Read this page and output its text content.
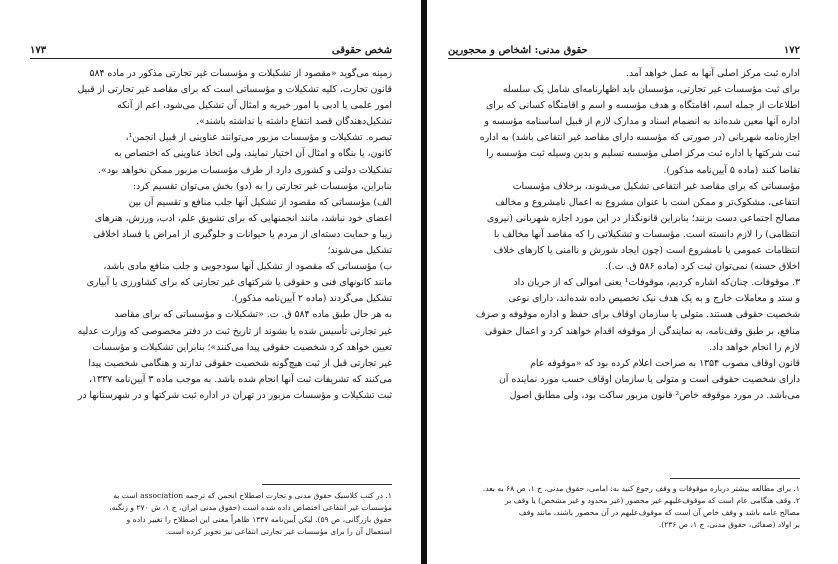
شخص حقوقی
۱۷۳

زمینه می‌گوید «مقصود از تشکیلات و مؤسسات غیر تجارتی مذکور در ماده ۵۸۴

قانون تجارت، کلیه تشکیلات و مؤسساتی است که برای مقاصد غیر تجارتی از قبیل

امور علمی یا ادبی یا امور خیریه و امثال آن تشکیل می‌شود، اعم از آنکه

تشکیل‌دهندگان قصد انتفاع داشته یا نداشته باشند».

تبصره. تشکیلات و مؤسسات مزبور می‌توانند عناوینی از قبیل انجمن¹،

کانون، یا بنگاه و امثال آن اختیار نمایند، ولی اتخاذ عناوینی که اختصاص به

تشکیلات دولتی و کشوری دارد از طرف مؤسسات مزبور ممکن نخواهد بود».

بنابراین، مؤسسات غیر تجارتی را به (دو) بخش می‌توان تقسیم کرد:

الف) مؤسساتی که مقصود از تشکیل آنها جلب منافع و تقسیم آن بین

اعضای خود نباشد، مانند انجمنهایی که برای تشویق علم، ادب، ورزش، هنرهای

زیبا و حمایت دسته‌ای از مردم یا حیوانات و جلوگیری از امراض یا فساد اخلاقی

تشکیل می‌شوند؛

ب) مؤسساتی که مقصود از تشکیل آنها سودجویی و جلب منافع مادی باشد،

مانند کانونهای فنی و حقوقی یا شرکتهای غیر تجارتی که برای کشاورزی یا آبیاری

تشکیل می‌گردند (ماده ۲ آیین‌نامه مذکور).

به هر حال طبق ماده ۵۸۴ ق. ت. «تشکیلات و مؤسساتی که برای مقاصد

غیر تجارتی تأسیس شده یا بشوند از تاریخ ثبت در دفتر مخصوصی که وزارت عدلیه

تعیین خواهد کرد شخصیت حقوقی پیدا می‌کنند»؛ بنابراین تشکیلات و مؤسسات

غیر تجارتی قبل از ثبت هیچ‌گونه شخصیت حقوقی ندارند و هنگامی شخصیت پیدا

می‌کنند که تشریفات ثبت آنها انجام شده باشد. به موجب ماده ۳ آیین‌نامه ۱۳۳۷،

ثبت تشکیلات و مؤسسات مزبور در تهران در اداره ثبت شرکتها و در شهرستانها در

۱. در کتب کلاسیک حقوق مدنی و تجارت اصطلاح انجمن که ترجمه association است به

مؤسسات غیر انتفاعی اختصاص داده شده است (حقوق مدنی ایران، ج ۱، ش ۲۷۰ و زنگنه،

حقوق بازرگانی، ص ۵۹). لیکن آیین‌نامه ۱۳۳۷ ظاهراً معنی این اصطلاح را تغییر داده و

استعمال آن را برای مؤسسات غیر تجارتی انتفاعی نیز تجویز کرده است.

۱۷۲
حقوق مدنی: اشخاص و محجورین

اداره ثبت مرکز اصلی آنها به عمل خواهد آمد.

برای ثبت مؤسسات غیر تجارتی، مؤسسان باید اظهارنامه‌ای شامل یک سلسله

اطلاعات از جمله اسم، اقامتگاه و هدف مؤسسه و اسم و اقامتگاه کسانی که برای

اداره آنها معین شده‌اند به انضمام اسناد و مدارک لازم از قبیل اساسنامه مؤسسه و

اجازه‌نامه شهربانی (در صورتی که مؤسسه دارای مقاصد غیر انتفاعی باشد) به اداره

ثبت شرکتها یا اداره ثبت مرکز اصلی مؤسسه تسلیم و بدین وسیله ثبت مؤسسه را

تقاضا کنند (ماده ۵ آیین‌نامه مذکور).

مؤسساتی که برای مقاصد غیر انتفاعی تشکیل می‌شوند، برخلاف مؤسسات

انتفاعی، مشکوک‌تر و ممکن است با عنوان مشروع به اعمال نامشروع و مخالف

مصالح اجتماعی دست بزنند؛ بنابراین قانونگذار در این مورد اجازه شهربانی (نیروی

انتظامی) را لازم دانسته است. مؤسسات و تشکیلاتی را که مقاصد آنها مخالف با

انتظامات عمومی یا نامشروع است (چون ایجاد شورش و ناامنی یا کارهای خلاف

اخلاق حسنه) نمی‌توان ثبت کرد (ماده ۵۸۶ ق. ت.).

۳. موقوفات. چنان‌که اشاره کردیم، موقوفات¹ یعنی اموالی که از جریان داد

و ستد و معاملات خارج و به یک هدف نیک تخصیص داده شده‌اند، دارای نوعی

شخصیت حقوقی هستند. متولی یا سازمان اوقاف برای حفظ و اداره موقوفه و صرف

منافع، بر طبق وقف‌نامه، به نمایندگی از موقوفه اقدام خواهند کرد و اعمال حقوقی

لازم را انجام خواهد داد.

قانون اوقاف مصوب ۱۳۵۴ به صراحت اعلام کرده بود که «موقوفه عام

دارای شخصیت حقوقی است و متولی یا سازمان اوقاف حسب مورد نماینده آن

می‌باشد. در مورد موقوفه خاص² قانون مزبور ساکت بود، ولی مطابق اصول

۱. برای مطالعه بیشتر درباره موقوفات و وقف رجوع کنید به: امامی، حقوق مدنی، ج ۱، ص ۶۸ به بعد.

۲. وقف هنگامی عام است که موقوف‌علیهم غیر محصور (غیر محدود و غیر مشخص) یا وقف بر

مصالح عامه باشد و وقف خاص آن است که موقوف‌علیهم در آن محصور باشند، مانند وقف

بر اولاد (صفائی، حقوق مدنی، ج ۱، ص ۲۳۶).
